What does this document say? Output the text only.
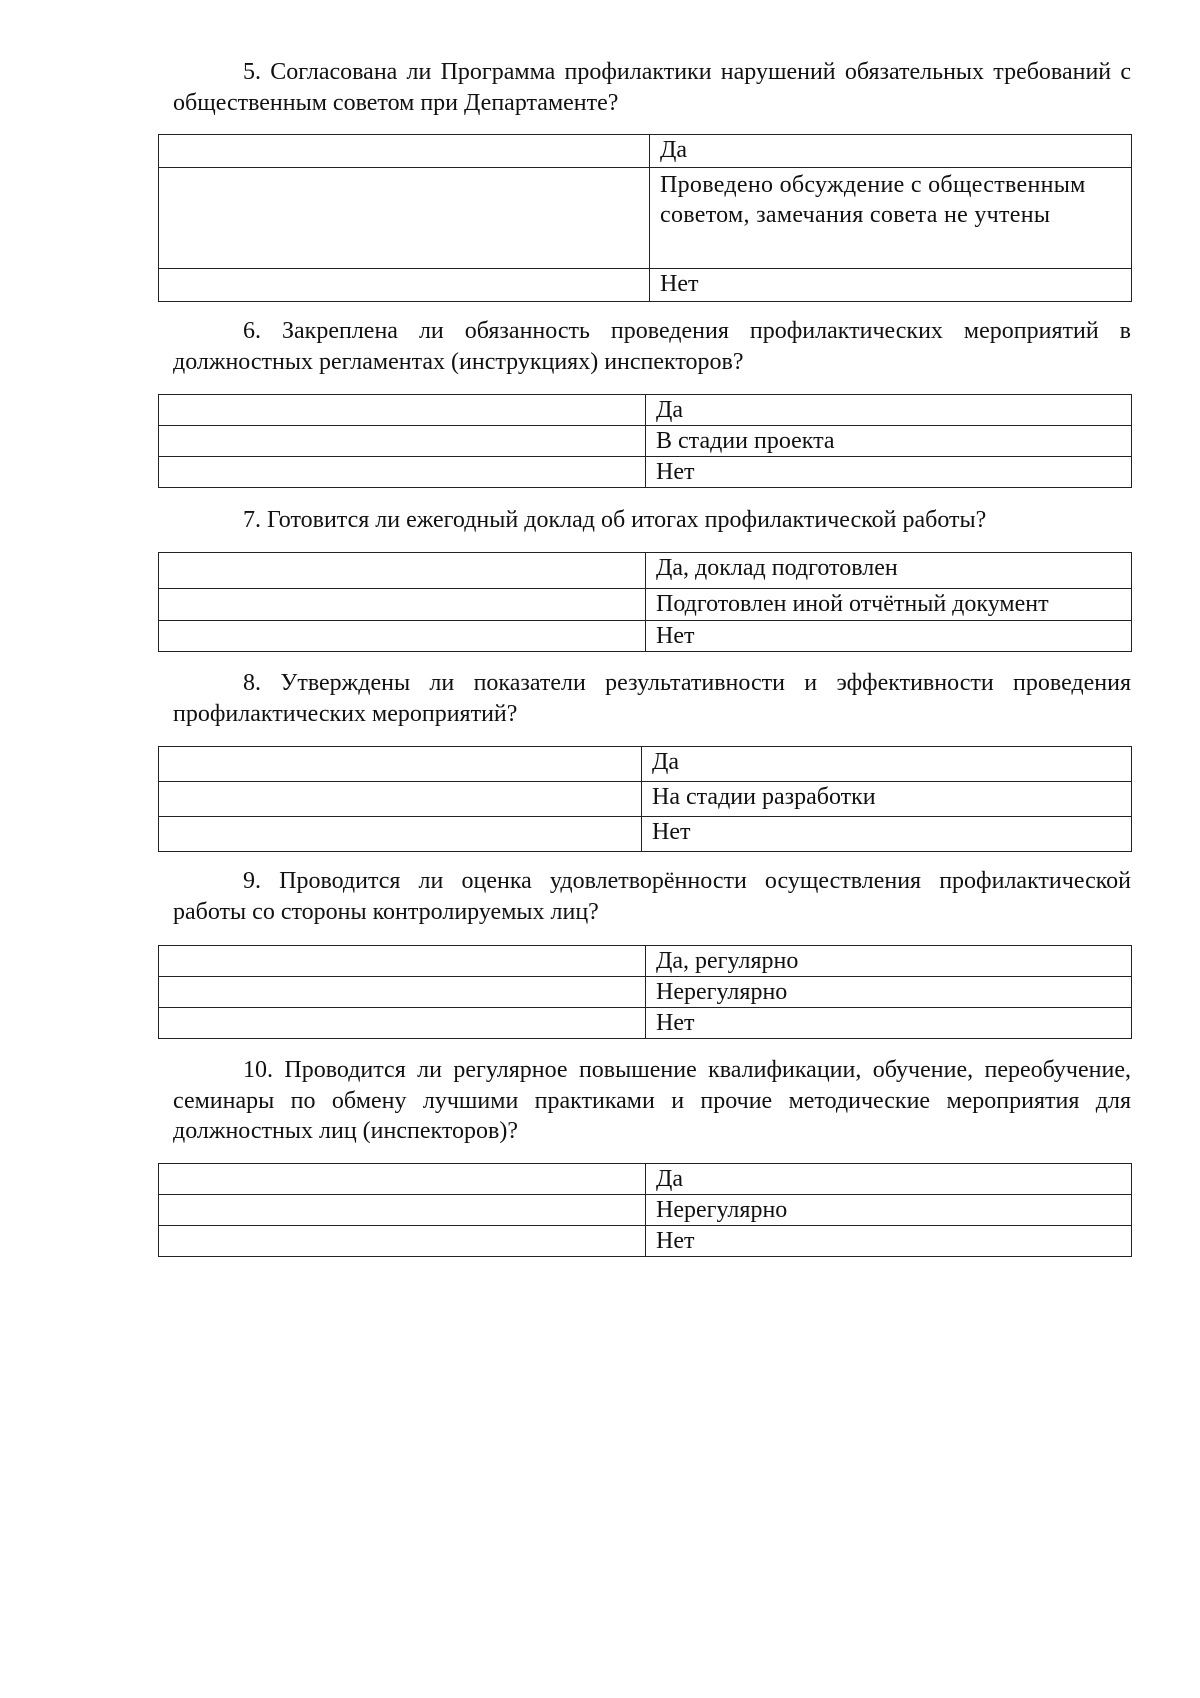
5. Согласована ли Программа профилактики нарушений обязательных требований с общественным советом при Департаменте?

	Да
	Проведено обсуждение с общественным советом, замечания совета не учтены
	Нет

6. Закреплена ли обязанность проведения профилактических мероприятий в должностных регламентах (инструкциях) инспекторов?

	Да
	В стадии проекта
	Нет

7. Готовится ли ежегодный доклад об итогах профилактической работы?

	Да, доклад подготовлен
	Подготовлен иной отчётный документ
	Нет

8. Утверждены ли показатели результативности и эффективности проведения профилактических мероприятий?

	Да
	На стадии разработки
	Нет

9. Проводится ли оценка удовлетворённости осуществления профилактической работы со стороны контролируемых лиц?

	Да, регулярно
	Нерегулярно
	Нет

10. Проводится ли регулярное повышение квалификации, обучение, переобучение, семинары по обмену лучшими практиками и прочие методические мероприятия для должностных лиц (инспекторов)?

	Да
	Нерегулярно
	Нет
